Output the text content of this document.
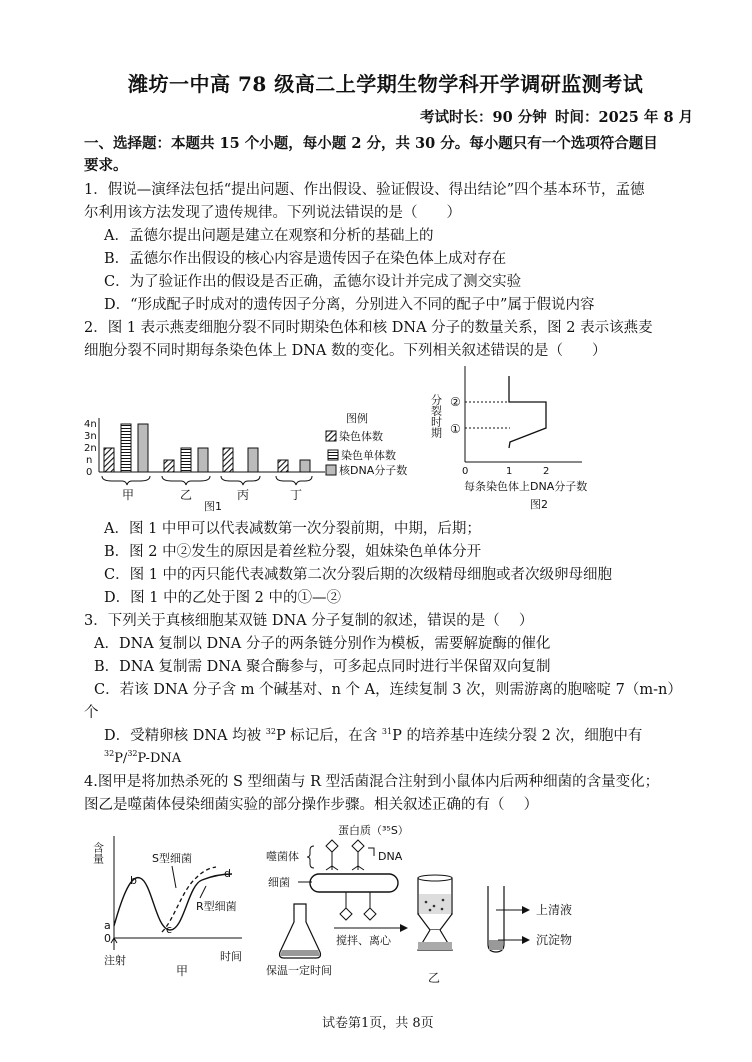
潍坊一中高 78 级高二上学期生物学科开学调研监测考试
考试时长：90 分钟 时间：2025 年 8 月
一、选择题：本题共 15 个小题，每小题 2 分，共 30 分。每小题只有一个选项符合题目
要求。
1．假说—演绎法包括“提出问题、作出假设、验证假设、得出结论”四个基本环节，孟德
尔利用该方法发现了遗传规律。下列说法错误的是（　　）
A．孟德尔提出问题是建立在观察和分析的基础上的
B．孟德尔作出假设的核心内容是遗传因子在染色体上成对存在
C．为了验证作出的假设是否正确，孟德尔设计并完成了测交实验
D．“形成配子时成对的遗传因子分离，分别进入不同的配子中”属于假说内容
2．图 1 表示燕麦细胞分裂不同时期染色体和核 DNA 分子的数量关系，图 2 表示该燕麦
细胞分裂不同时期每条染色体上 DNA 数的变化。下列相关叙述错误的是（　　）
4n
3n
2n
n
0
甲	乙	丙	丁
图1
图例
染色体数
染色单体数
核DNA分子数
分裂时期 ②
①
0	1	2
每条染色体上DNA分子数
图2
A．图 1 中甲可以代表减数第一次分裂前期，中期，后期；
B．图 2 中②发生的原因是着丝粒分裂，姐妹染色单体分开
C．图 1 中的丙只能代表减数第二次分裂后期的次级精母细胞或者次级卵母细胞
D．图 1 中的乙处于图 2 中的①—②
3．下列关于真核细胞某双链 DNA 分子复制的叙述，错误的是（　 ）
A．DNA 复制以 DNA 分子的两条链分别作为模板，需要解旋酶的催化
B．DNA 复制需 DNA 聚合酶参与，可多起点同时进行半保留双向复制
C．若该 DNA 分子含 m 个碱基对、n 个 A，连续复制 3 次，则需游离的胞嘧啶 7（m-n）
个
D．受精卵核 DNA 均被 $^{32}$P 标记后，在含 $^{31}$P 的培养基中连续分裂 2 次，细胞中有
$^{32}$P/$^{32}$P-DNA
4.图甲是将加热杀死的 S 型细菌与 R 型活菌混合注射到小鼠体内后两种细菌的含量变化；
图乙是噬菌体侵染细菌实验的部分操作步骤。相关叙述正确的有（　 ）
含量
a
b
c
d
0
S型细菌
R型细菌
注射	时间
甲
蛋白质（³⁵S）
噬菌体	DNA
细菌
保温一定时间
搅拌、离心
上清液
沉淀物
乙
试卷第1页，共 8页
